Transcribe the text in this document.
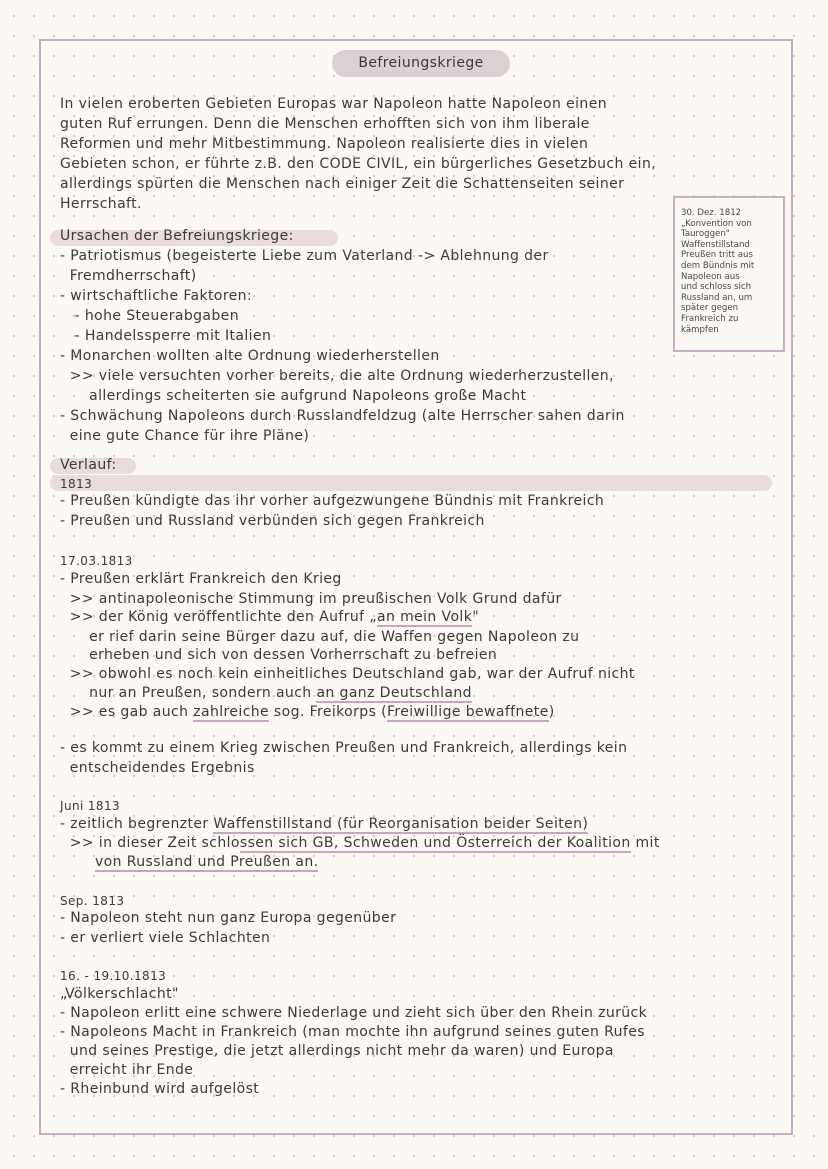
Befreiungskriege
In vielen eroberten Gebieten Europas war Napoleon hatte Napoleon einen
guten Ruf errungen. Denn die Menschen erhofften sich von ihm liberale
Reformen und mehr Mitbestimmung. Napoleon realisierte dies in vielen
Gebieten schon, er führte z.B. den CODE CIVIL, ein bürgerliches Gesetzbuch ein,
allerdings spürten die Menschen nach einiger Zeit die Schattenseiten seiner
Herrschaft.
30. Dez. 1812
„Konvention von
Tauroggen"
Waffenstillstand
Preußen tritt aus
dem Bündnis mit
Napoleon aus
und schloss sich
Russland an, um
später gegen
Frankreich zu
kämpfen
Ursachen der Befreiungskriege:
- Patriotismus (begeisterte Liebe zum Vaterland -> Ablehnung der
Fremdherrschaft)
- wirtschaftliche Faktoren:
- hohe Steuerabgaben
- Handelssperre mit Italien
- Monarchen wollten alte Ordnung wiederherstellen
>> viele versuchten vorher bereits, die alte Ordnung wiederherzustellen,
allerdings scheiterten sie aufgrund Napoleons große Macht
- Schwächung Napoleons durch Russlandfeldzug (alte Herrscher sahen darin
eine gute Chance für ihre Pläne)
Verlauf:
1813
- Preußen kündigte das ihr vorher aufgezwungene Bündnis mit Frankreich
- Preußen und Russland verbünden sich gegen Frankreich
17.03.1813
- Preußen erklärt Frankreich den Krieg
>> antinapoleonische Stimmung im preußischen Volk Grund dafür
>> der König veröffentlichte den Aufruf „an mein Volk"
er rief darin seine Bürger dazu auf, die Waffen gegen Napoleon zu
erheben und sich von dessen Vorherrschaft zu befreien
>> obwohl es noch kein einheitliches Deutschland gab, war der Aufruf nicht
nur an Preußen, sondern auch an ganz Deutschland
>> es gab auch zahlreiche sog. Freikorps (Freiwillige bewaffnete)
- es kommt zu einem Krieg zwischen Preußen und Frankreich, allerdings kein
entscheidendes Ergebnis
Juni 1813
- zeitlich begrenzter Waffenstillstand (für Reorganisation beider Seiten)
>> in dieser Zeit schlossen sich GB, Schweden und Österreich der Koalition mit
von Russland und Preußen an.
Sep. 1813
- Napoleon steht nun ganz Europa gegenüber
- er verliert viele Schlachten
16. - 19.10.1813
„Völkerschlacht"
- Napoleon erlitt eine schwere Niederlage und zieht sich über den Rhein zurück
- Napoleons Macht in Frankreich (man mochte ihn aufgrund seines guten Rufes
und seines Prestige, die jetzt allerdings nicht mehr da waren) und Europa
erreicht ihr Ende
- Rheinbund wird aufgelöst
